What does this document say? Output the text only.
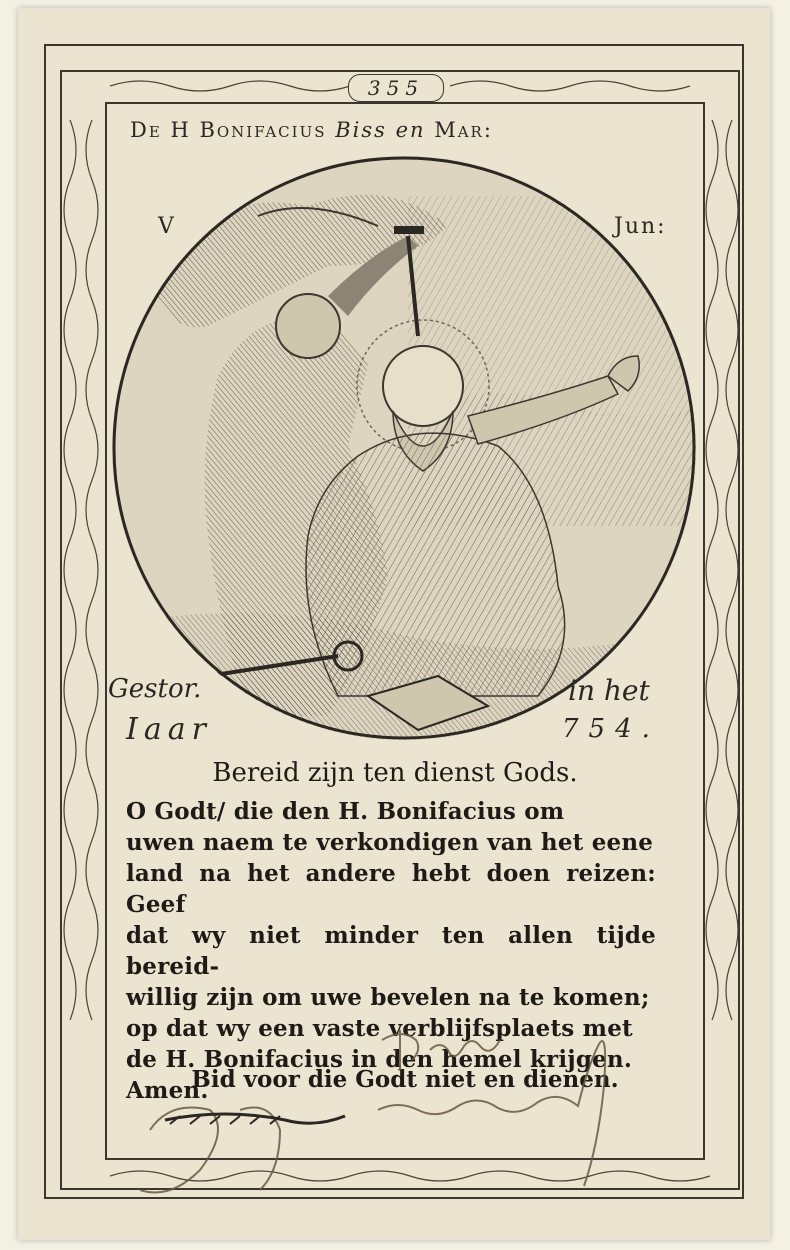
355
De H Bonifacius Biss en Mar:
V	Jun:
Gestor.	in het
Iaar	754.
Bereid zijn ten dienst Gods.
O Godt/ die den H. Bonifacius om
uwen naem te verkondigen van het eene
land na het andere hebt doen reizen: Geef
dat wy niet minder ten allen tijde bereid-
willig zijn om uwe bevelen na te komen;
op dat wy een vaste verblijfsplaets met
de H. Bonifacius in den hemel krijgen.
Amen.
Bid voor die Godt niet en dienen.
